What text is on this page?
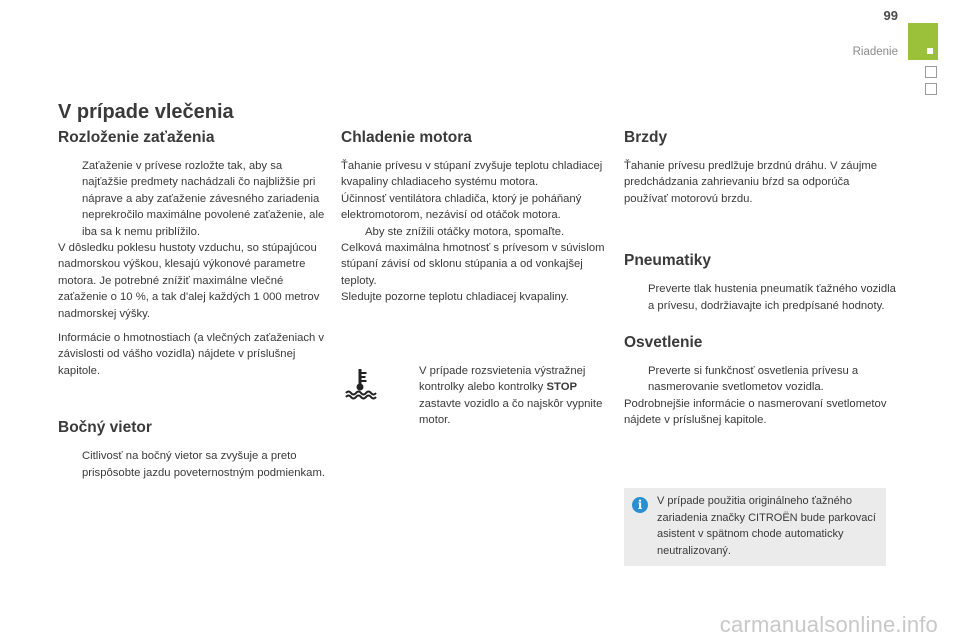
99
Riadenie
V prípade vlečenia
Rozloženie zaťaženia
Zaťaženie v prívese rozložte tak, aby sa najťažšie predmety nachádzali čo najbližšie pri náprave a aby zaťaženie závesného zariadenia neprekročilo maximálne povolené zaťaženie, ale iba sa k nemu priblížilo.

V dôsledku poklesu hustoty vzduchu, so stúpajúcou nadmorskou výškou, klesajú výkonové parametre motora. Je potrebné znížiť maximálne vlečné zaťaženie o 10 %, a tak d'alej každých 1 000 metrov nadmorskej výšky.

Informácie o hmotnostiach (a vlečných zaťaženiach v závislosti od vášho vozidla) nájdete v príslušnej kapitole.

Bočný vietor
Citlivosť na bočný vietor sa zvyšuje a preto prispôsobte jazdu poveternostným podmienkam.
Chladenie motora

Ťahanie prívesu v stúpaní zvyšuje teplotu chladiacej kvapaliny chladiaceho systému motora.

Účinnosť ventilátora chladiča, ktorý je poháňaný elektromotorom, nezávisí od otáčok motora.

Aby ste znížili otáčky motora, spomaľte.

Celková maximálna hmotnosť s prívesom v súvislom stúpaní závisí od sklonu stúpania a od vonkajšej teploty.

Sledujte pozorne teplotu chladiacej kvapaliny.

V prípade rozsvietenia výstražnej kontrolky alebo kontrolky STOP zastavte vozidlo a čo najskôr vypnite motor.
Brzdy

Ťahanie prívesu predlžuje brzdnú dráhu. V záujme predchádzania zahrievaniu bŕzd sa odporúča používať motorovú brzdu.

Pneumatiky
Preverte tlak hustenia pneumatík ťažného vozidla a prívesu, dodržiavajte ich predpísané hodnoty.
Osvetlenie
Preverte si funkčnosť osvetlenia prívesu a nasmerovanie svetlometov vozidla.

Podrobnejšie informácie o nasmerovaní svetlometov nájdete v príslušnej kapitole.

i	V prípade použitia originálneho ťažného zariadenia značky CITROËN bude parkovací asistent v spätnom chode automaticky neutralizovaný.
carmanualsonline.info
